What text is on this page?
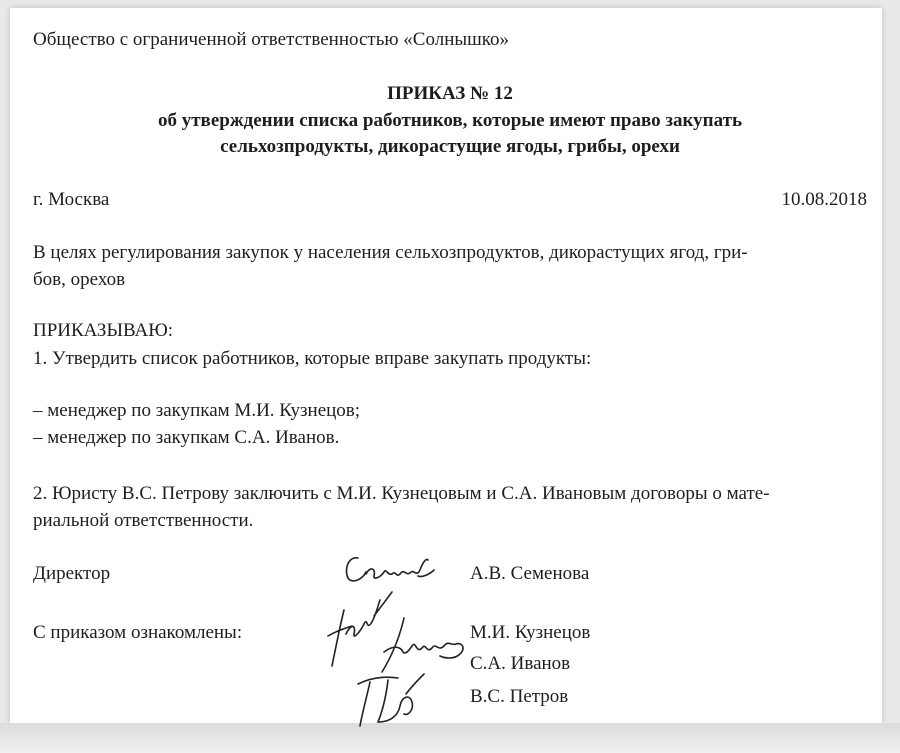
Общество с ограниченной ответственностью «Солнышко»
ПРИКАЗ № 12
об утверждении списка работников, которые имеют право закупать
сельхозпродукты, дикорастущие ягоды, грибы, орехи
г. Москва	10.08.2018
В целях регулирования закупок у населения сельхозпродуктов, дикорастущих ягод, гри-
бов, орехов
ПРИКАЗЫВАЮ:
1. Утвердить список работников, которые вправе закупать продукты:
– менеджер по закупкам М.И. Кузнецов;
– менеджер по закупкам С.А. Иванов.
2. Юристу В.С. Петрову заключить с М.И. Кузнецовым и С.А. Ивановым договоры о мате-
риальной ответственности.
Директор	А.В. Семенова
С приказом ознакомлены:	М.И. Кузнецов
С.А. Иванов
В.С. Петров
